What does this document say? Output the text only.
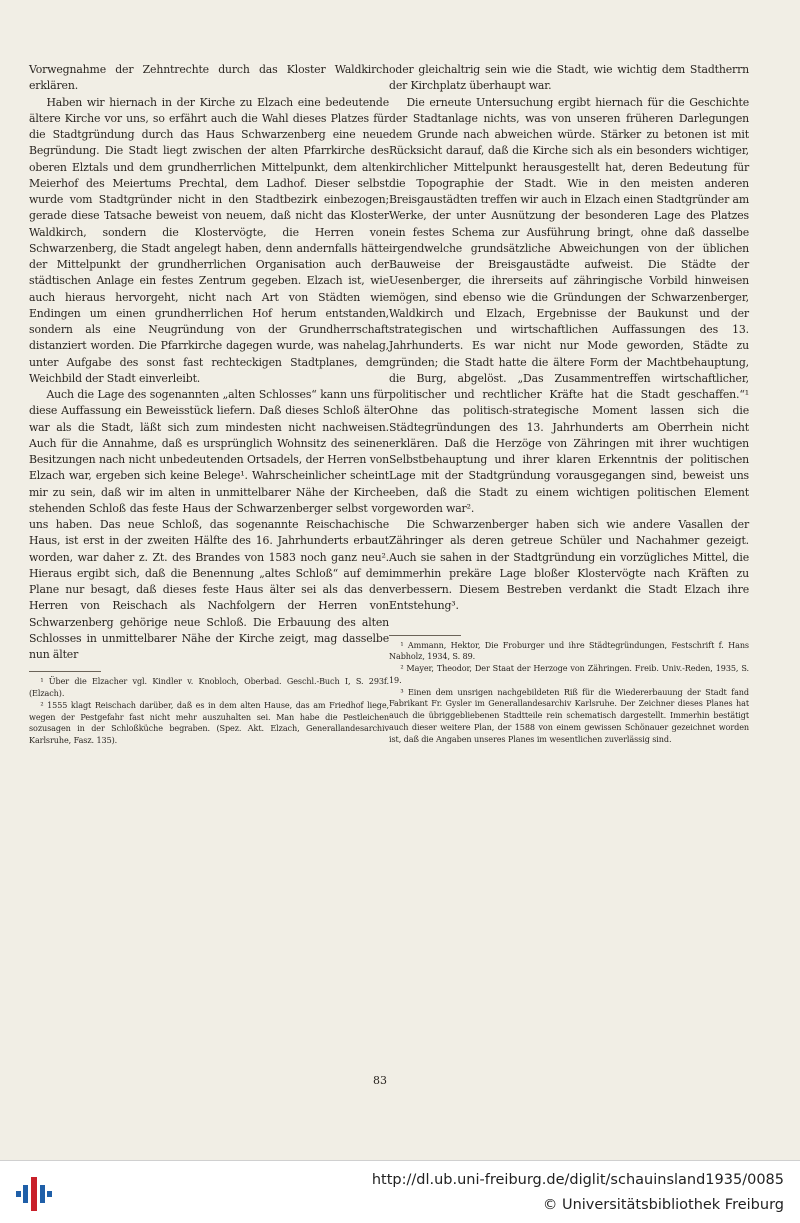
Vorwegnahme der Zehntrechte durch das Kloster Waldkirch erklären.

Haben wir hiernach in der Kirche zu Elzach eine bedeutende ältere Kirche vor uns, so erfährt auch die Wahl dieses Platzes für die Stadtgründung durch das Haus Schwarzenberg eine neue Begründung. Die Stadt liegt zwischen der alten Pfarrkirche des oberen Elztals und dem grundherrlichen Mittelpunkt, dem alten Meierhof des Meiertums Prechtal, dem Ladhof. Dieser selbst wurde vom Stadtgründer nicht in den Stadtbezirk einbezogen; gerade diese Tatsache beweist von neuem, daß nicht das Kloster Waldkirch, sondern die Klostervögte, die Herren von Schwarzenberg, die Stadt angelegt haben, denn andernfalls hätte der Mittelpunkt der grundherrlichen Organisation auch der städtischen Anlage ein festes Zentrum gegeben. Elzach ist, wie auch hieraus hervorgeht, nicht nach Art von Städten wie Endingen um einen grundherrlichen Hof herum entstanden, sondern als eine Neugründung von der Grundherrschaft distanziert worden. Die Pfarrkirche dagegen wurde, was nahelag, unter Aufgabe des sonst fast rechteckigen Stadtplanes, dem Weichbild der Stadt einverleibt.

Auch die Lage des sogenannten „alten Schlosses“ kann uns für diese Auffassung ein Beweisstück liefern. Daß dieses Schloß älter war als die Stadt, läßt sich zum mindesten nicht nachweisen. Auch für die Annahme, daß es ursprünglich Wohnsitz des seinen Besitzungen nach nicht unbedeutenden Ortsadels, der Herren von Elzach war, ergeben sich keine Belege¹. Wahrscheinlicher scheint mir zu sein, daß wir im alten in unmittelbarer Nähe der Kirche stehenden Schloß das feste Haus der Schwarzenberger selbst vor uns haben. Das neue Schloß, das sogenannte Reischachische Haus, ist erst in der zweiten Hälfte des 16. Jahrhunderts erbaut worden, war daher z. Zt. des Brandes von 1583 noch ganz neu². Hieraus ergibt sich, daß die Benennung „altes Schloß“ auf dem Plane nur besagt, daß dieses feste Haus älter sei als das den Herren von Reischach als Nachfolgern der Herren von Schwarzenberg gehörige neue Schloß. Die Erbauung des alten Schlosses in unmittelbarer Nähe der Kirche zeigt, mag dasselbe nun älter

¹ Über die Elzacher vgl. Kindler v. Knobloch, Oberbad. Geschl.-Buch I, S. 293f. (Elzach).

² 1555 klagt Reischach darüber, daß es in dem alten Hause, das am Friedhof liege, wegen der Pestgefahr fast nicht mehr auszuhalten sei. Man habe die Pestleichen sozusagen in der Schloßküche begraben. (Spez. Akt. Elzach, Generallandesarchiv Karlsruhe, Fasz. 135).

oder gleichaltrig sein wie die Stadt, wie wichtig dem Stadtherrn der Kirchplatz überhaupt war.

Die erneute Untersuchung ergibt hiernach für die Geschichte der Stadtanlage nichts, was von unseren früheren Darlegungen dem Grunde nach abweichen würde. Stärker zu betonen ist mit Rücksicht darauf, daß die Kirche sich als ein besonders wichtiger, kirchlicher Mittelpunkt herausgestellt hat, deren Bedeutung für die Topographie der Stadt. Wie in den meisten anderen Breisgaustädten treffen wir auch in Elzach einen Stadtgründer am Werke, der unter Ausnützung der besonderen Lage des Platzes ein festes Schema zur Ausführung bringt, ohne daß dasselbe irgendwelche grundsätzliche Abweichungen von der üblichen Bauweise der Breisgaustädte aufweist. Die Städte der Uesenberger, die ihrerseits auf zähringische Vorbild hinweisen mögen, sind ebenso wie die Gründungen der Schwarzenberger, Waldkirch und Elzach, Ergebnisse der Baukunst und der strategischen und wirtschaftlichen Auffassungen des 13. Jahrhunderts. Es war nicht nur Mode geworden, Städte zu gründen; die Stadt hatte die ältere Form der Machtbehauptung, die Burg, abgelöst. „Das Zusammentreffen wirtschaftlicher, politischer und rechtlicher Kräfte hat die Stadt geschaffen.“¹ Ohne das politisch-strategische Moment lassen sich die Städtegründungen des 13. Jahrhunderts am Oberrhein nicht erklären. Daß die Herzöge von Zähringen mit ihrer wuchtigen Selbstbehauptung und ihrer klaren Erkenntnis der politischen Lage mit der Stadtgründung vorausgegangen sind, beweist uns eben, daß die Stadt zu einem wichtigen politischen Element geworden war².

Die Schwarzenberger haben sich wie andere Vasallen der Zähringer als deren getreue Schüler und Nachahmer gezeigt. Auch sie sahen in der Stadtgründung ein vorzügliches Mittel, die immerhin prekäre Lage bloßer Klostervögte nach Kräften zu verbessern. Diesem Bestreben verdankt die Stadt Elzach ihre Entstehung³.

¹ Ammann, Hektor, Die Froburger und ihre Städtegründungen, Festschrift f. Hans Nabholz, 1934, S. 89.

² Mayer, Theodor, Der Staat der Herzoge von Zähringen. Freib. Univ.-Reden, 1935, S. 19.

³ Einen dem unsrigen nachgebildeten Riß für die Wiedererbauung der Stadt fand Fabrikant Fr. Gysler im Generallandesarchiv Karlsruhe. Der Zeichner dieses Planes hat auch die übriggebliebenen Stadtteile rein schematisch dargestellt. Immerhin bestätigt auch dieser weitere Plan, der 1588 von einem gewissen Schönauer gezeichnet worden ist, daß die Angaben unseres Planes im wesentlichen zuverlässig sind.

83
http://dl.ub.uni-freiburg.de/diglit/schauinsland1935/0085
© Universitätsbibliothek Freiburg
